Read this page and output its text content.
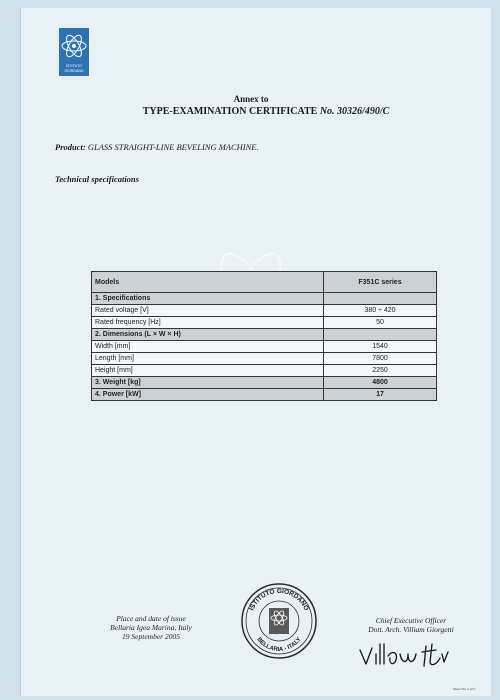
ISTITUTO
GIORDANO
Annex to
TYPE-EXAMINATION CERTIFICATE No. 30326/490/C
Product: GLASS STRAIGHT-LINE BEVELING MACHINE.
Technical specifications
Models	F351C series
1. Specifications	
Rated voltage [V]	380 ÷ 420
Rated frequency [Hz]	50
2. Dimensions (L × W × H)	
Width [mm]	1540
Length [mm]	7800
Height [mm]	2250
3. Weight [kg]	4800
4. Power [kW]	17
ISTITUTO GIORDANO
BELLARIA - ITALY
Place and date of issue
Bellaria Igea Marina, Italy
19 September 2005
Chief Executive Officer
Dott. Arch. Villiam Giorgetti
Sheet No. 2 of 2
